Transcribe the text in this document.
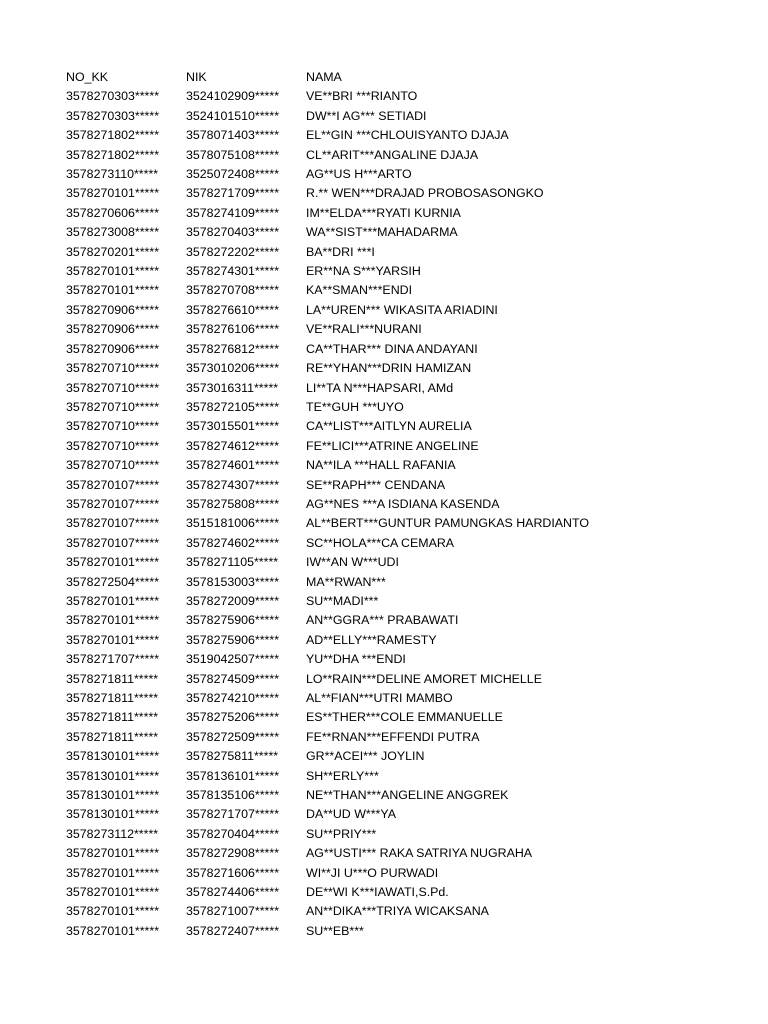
NO_KK	NIK	NAMA
3578270303*****	3524102909*****	VE**BRI ***RIANTO
3578270303*****	3524101510*****	DW**I AG*** SETIADI
3578271802*****	3578071403*****	EL**GIN ***CHLOUISYANTO DJAJA
3578271802*****	3578075108*****	CL**ARIT***ANGALINE DJAJA
3578273110*****	3525072408*****	AG**US H***ARTO
3578270101*****	3578271709*****	R.** WEN***DRAJAD PROBOSASONGKO
3578270606*****	3578274109*****	IM**ELDA***RYATI KURNIA
3578273008*****	3578270403*****	WA**SIST***MAHADARMA
3578270201*****	3578272202*****	BA**DRI ***I
3578270101*****	3578274301*****	ER**NA S***YARSIH
3578270101*****	3578270708*****	KA**SMAN***ENDI
3578270906*****	3578276610*****	LA**UREN*** WIKASITA ARIADINI
3578270906*****	3578276106*****	VE**RALI***NURANI
3578270906*****	3578276812*****	CA**THAR*** DINA ANDAYANI
3578270710*****	3573010206*****	RE**YHAN***DRIN HAMIZAN
3578270710*****	3573016311*****	LI**TA N***HAPSARI, AMd
3578270710*****	3578272105*****	TE**GUH ***UYO
3578270710*****	3573015501*****	CA**LIST***AITLYN AURELIA
3578270710*****	3578274612*****	FE**LICI***ATRINE ANGELINE
3578270710*****	3578274601*****	NA**ILA ***HALL RAFANIA
3578270107*****	3578274307*****	SE**RAPH*** CENDANA
3578270107*****	3578275808*****	AG**NES ***A ISDIANA KASENDA
3578270107*****	3515181006*****	AL**BERT***GUNTUR PAMUNGKAS HARDIANTO
3578270107*****	3578274602*****	SC**HOLA***CA CEMARA
3578270101*****	3578271105*****	IW**AN W***UDI
3578272504*****	3578153003*****	MA**RWAN***
3578270101*****	3578272009*****	SU**MADI***
3578270101*****	3578275906*****	AN**GGRA*** PRABAWATI
3578270101*****	3578275906*****	AD**ELLY***RAMESTY
3578271707*****	3519042507*****	YU**DHA ***ENDI
3578271811*****	3578274509*****	LO**RAIN***DELINE AMORET MICHELLE
3578271811*****	3578274210*****	AL**FIAN***UTRI MAMBO
3578271811*****	3578275206*****	ES**THER***COLE EMMANUELLE
3578271811*****	3578272509*****	FE**RNAN***EFFENDI PUTRA
3578130101*****	3578275811*****	GR**ACEI*** JOYLIN
3578130101*****	3578136101*****	SH**ERLY***
3578130101*****	3578135106*****	NE**THAN***ANGELINE ANGGREK
3578130101*****	3578271707*****	DA**UD W***YA
3578273112*****	3578270404*****	SU**PRIY***
3578270101*****	3578272908*****	AG**USTI*** RAKA SATRIYA NUGRAHA
3578270101*****	3578271606*****	WI**JI U***O PURWADI
3578270101*****	3578274406*****	DE**WI K***IAWATI,S.Pd.
3578270101*****	3578271007*****	AN**DIKA***TRIYA WICAKSANA
3578270101*****	3578272407*****	SU**EB***
